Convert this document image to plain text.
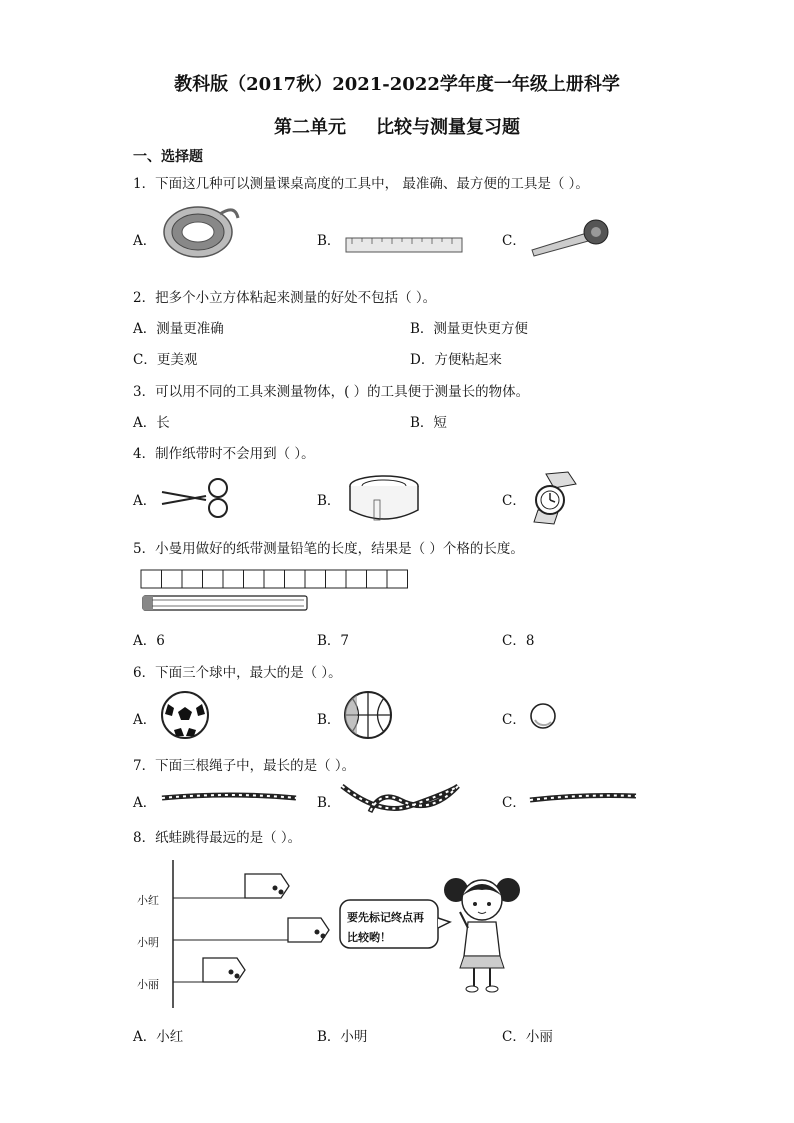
教科版（2017秋）2021-2022学年度一年级上册科学
第二单元 比较与测量复习题
一、选择题
1．下面这几种可以测量课桌高度的工具中， 最准确、最方便的工具是（ ）。
A．	B．	C．
2．把多个小立方体粘起来测量的好处不包括（ ）。
A．测量更准确	B．测量更快更方便
C．更美观	D．方便粘起来
3．可以用不同的工具来测量物体，( ）的工具便于测量长的物体。
A．长	B．短
4．制作纸带时不会用到（ ）。
A．	B．	C．
5．小曼用做好的纸带测量铅笔的长度，结果是（ ）个格的长度。
A．6	B．7	C．8
6．下面三个球中，最大的是（ ）。
A．	B．	C．
7．下面三根绳子中，最长的是（ ）。
A．	B．	C．
8．纸蛙跳得最远的是（ ）。
小红
小明
小丽
要先标记终点再
比较哟！
A．小红	B．小明	C．小丽
